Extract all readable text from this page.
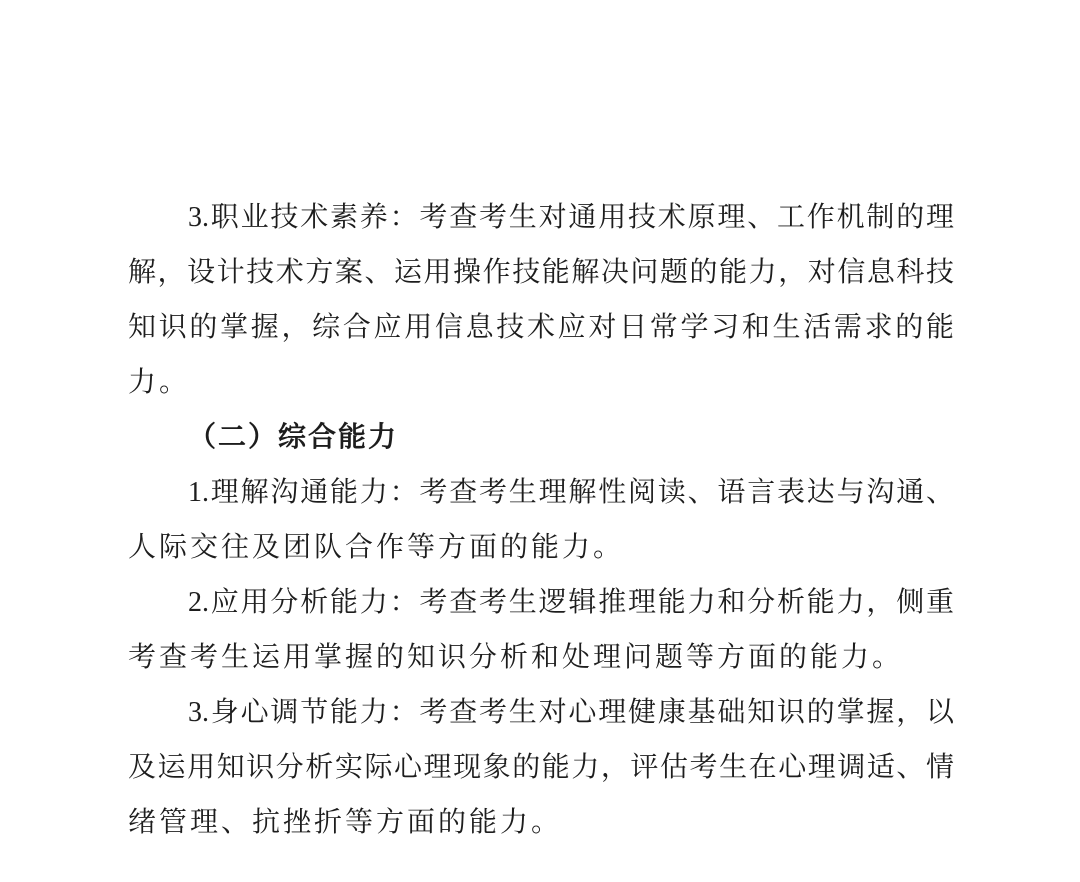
3.职业技术素养：考查考生对通用技术原理、工作机制的理
解，设计技术方案、运用操作技能解决问题的能力，对信息科技
知识的掌握，综合应用信息技术应对日常学习和生活需求的能
力。
（二）综合能力
1.理解沟通能力：考查考生理解性阅读、语言表达与沟通、
人际交往及团队合作等方面的能力。
2.应用分析能力：考查考生逻辑推理能力和分析能力，侧重
考查考生运用掌握的知识分析和处理问题等方面的能力。
3.身心调节能力：考查考生对心理健康基础知识的掌握，以
及运用知识分析实际心理现象的能力，评估考生在心理调适、情
绪管理、抗挫折等方面的能力。
